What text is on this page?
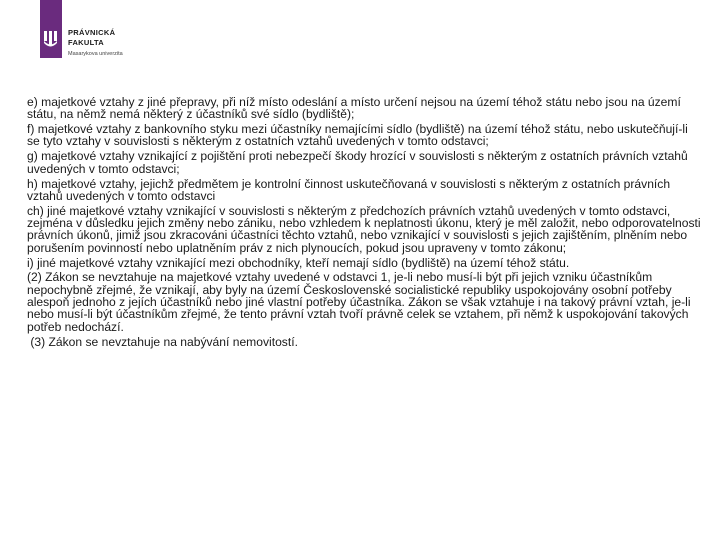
PRÁVNICKÁ
FAKULTA
Masarykova univerzita

e) majetkové vztahy z jiné přepravy, při níž místo odeslání a místo určení nejsou na území téhož státu nebo jsou na území státu, na němž nemá některý z účastníků své sídlo (bydliště);

f) majetkové vztahy z bankovního styku mezi účastníky nemajícími sídlo (bydliště) na území téhož státu, nebo uskutečňují-li se tyto vztahy v souvislosti s některým z ostatních vztahů uvedených v tomto odstavci;

g) majetkové vztahy vznikající z pojištění proti nebezpečí škody hrozící v souvislosti s některým z ostatních právních vztahů uvedených v tomto odstavci;

h) majetkové vztahy, jejichž předmětem je kontrolní činnost uskutečňovaná v souvislosti s některým z ostatních právních vztahů uvedených v tomto odstavci

ch) jiné majetkové vztahy vznikající v souvislosti s některým z předchozích právních vztahů uvedených v tomto odstavci, zejména v důsledku jejich změny nebo zániku, nebo vzhledem k neplatnosti úkonu, který je měl založit, nebo odporovatelnosti právních úkonů, jimiž jsou zkracováni účastníci těchto vztahů, nebo vznikající v souvislosti s jejich zajištěním, plněním nebo porušením povinností nebo uplatněním práv z nich plynoucích, pokud jsou upraveny v tomto zákonu;

i) jiné majetkové vztahy vznikající mezi obchodníky, kteří nemají sídlo (bydliště) na území téhož státu.

(2) Zákon se nevztahuje na majetkové vztahy uvedené v odstavci 1, je-li nebo musí-li být při jejich vzniku účastníkům nepochybně zřejmé, že vznikají, aby byly na území Československé socialistické republiky uspokojovány osobní potřeby alespoň jednoho z jejích účastníků nebo jiné vlastní potřeby účastníka. Zákon se však vztahuje i na takový právní vztah, je-li nebo musí-li být účastníkům zřejmé, že tento právní vztah tvoří právně celek se vztahem, při němž k uspokojování takových potřeb nedochází.

(3) Zákon se nevztahuje na nabývání nemovitostí.
